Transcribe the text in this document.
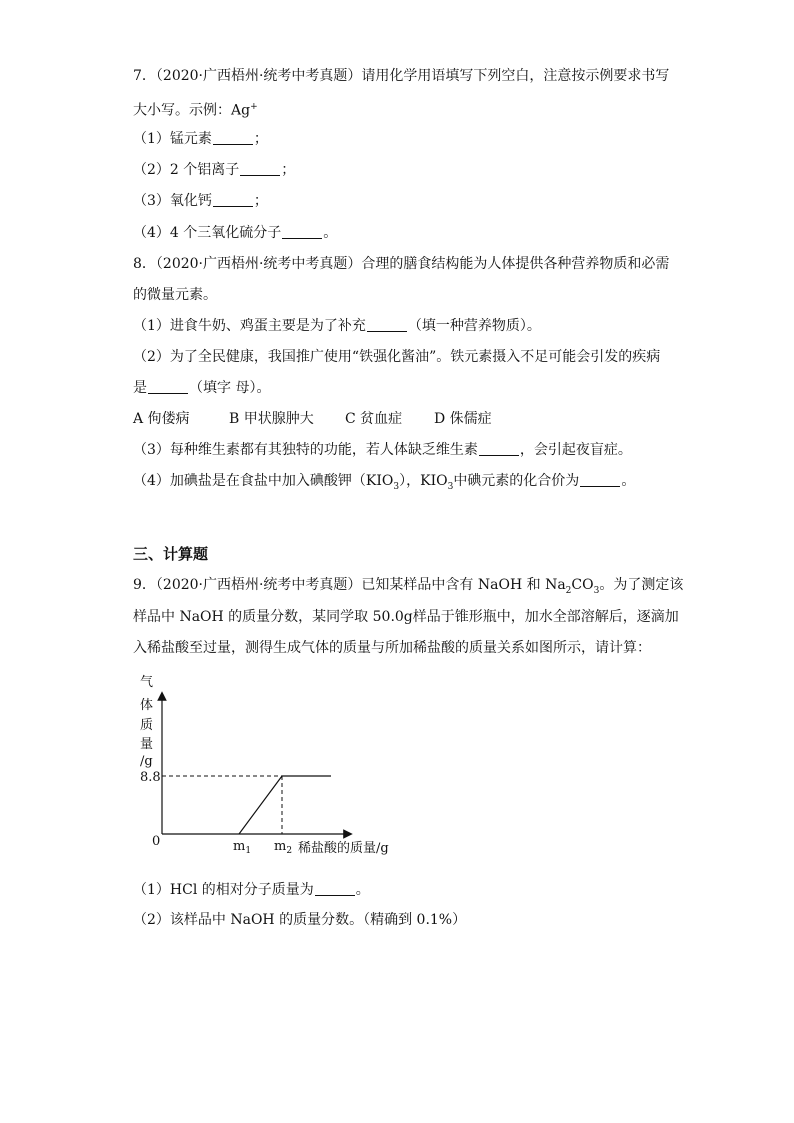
7．（2020·广西梧州·统考中考真题）请用化学用语填写下列空白，注意按示例要求书写
大小写。示例：Ag+
（1）锰元素	；
（2）2 个铝离子	；
（3）氧化钙	；
（4）4 个三氧化硫分子	。
8．（2020·广西梧州·统考中考真题）合理的膳食结构能为人体提供各种营养物质和必需
的微量元素。
（1）进食牛奶、鸡蛋主要是为了补充	（填一种营养物质）。
（2）为了全民健康，我国推广使用“铁强化酱油”。铁元素摄入不足可能会引发的疾病
是	（填字 母）。
A 佝偻病	B 甲状腺肿大 C 贫血症 D 侏儒症
（3）每种维生素都有其独特的功能，若人体缺乏维生素	，会引起夜盲症。
（4）加碘盐是在食盐中加入碘酸钾$(KIO_3)$，$KIO_3$中碘元素的化合价为	。
三、计算题
9．（2020·广西梧州·统考中考真题）已知某样品中含有 NaOH 和 $Na_2CO_3$。为了测定该
样品中 NaOH 的质量分数，某同学取 50.0g样品于锥形瓶中，加水全部溶解后，逐滴加
入稀盐酸至过量，测得生成气体的质量与所加稀盐酸的质量关系如图所示，请计算：
气
体
质
量
/g
8.8
0	$m_1$ $m_2$ 稀盐酸的质量/g
（1）HCl 的相对分子质量为	。
（2）该样品中 NaOH 的质量分数。（精确到 0.1%）
